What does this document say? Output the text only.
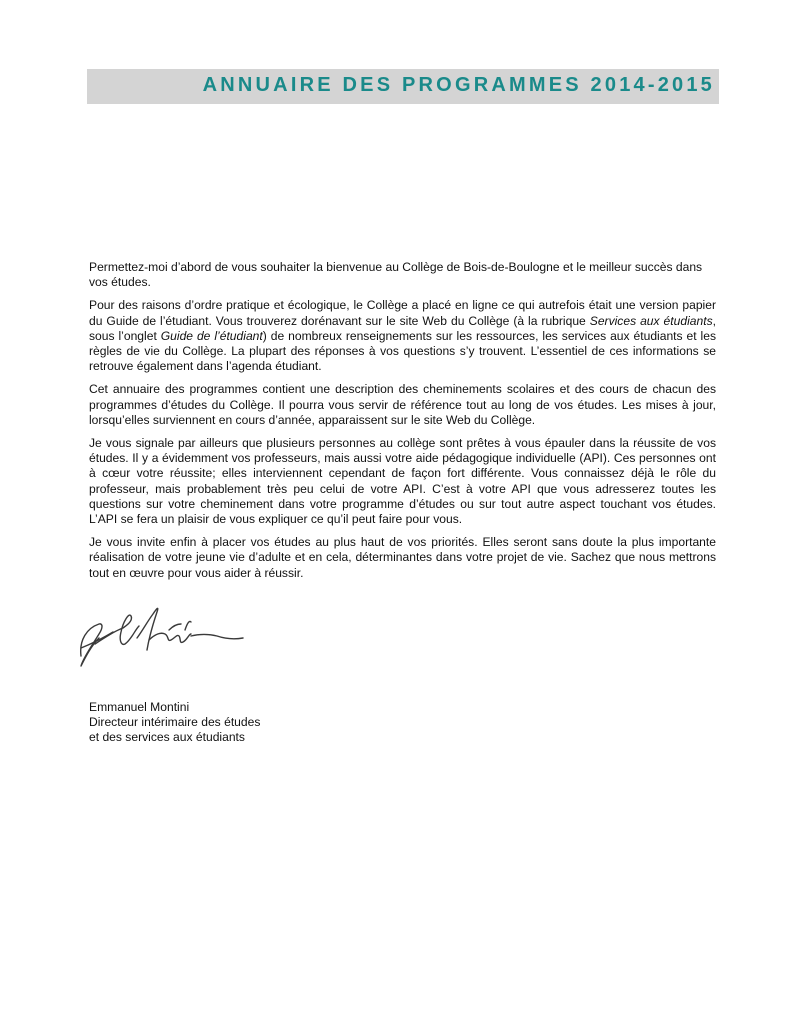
ANNUAIRE DES PROGRAMMES 2014-2015

Permettez-moi d’abord de vous souhaiter la bienvenue au Collège de Bois-de-Boulogne et le meilleur succès dans vos études.

Pour des raisons d’ordre pratique et écologique, le Collège a placé en ligne ce qui autrefois était une version papier du Guide de l’étudiant. Vous trouverez dorénavant sur le site Web du Collège (à la rubrique Services aux étudiants, sous l’onglet Guide de l’étudiant) de nombreux renseignements sur les ressources, les services aux étudiants et les règles de vie du Collège. La plupart des réponses à vos questions s’y trouvent. L’essentiel de ces informations se retrouve également dans l’agenda étudiant.

Cet annuaire des programmes contient une description des cheminements scolaires et des cours de chacun des programmes d’études du Collège. Il pourra vous servir de référence tout au long de vos études. Les mises à jour, lorsqu’elles surviennent en cours d’année, apparaissent sur le site Web du Collège.

Je vous signale par ailleurs que plusieurs personnes au collège sont prêtes à vous épauler dans la réussite de vos études. Il y a évidemment vos professeurs, mais aussi votre aide pédagogique individuelle (API). Ces personnes ont à cœur votre réussite; elles interviennent cependant de façon fort différente. Vous connaissez déjà le rôle du professeur, mais probablement très peu celui de votre API. C’est à votre API que vous adresserez toutes les questions sur votre cheminement dans votre programme d’études ou sur tout autre aspect touchant vos études. L’API se fera un plaisir de vous expliquer ce qu’il peut faire pour vous.

Je vous invite enfin à placer vos études au plus haut de vos priorités. Elles seront sans doute la plus importante réalisation de votre jeune vie d’adulte et en cela, déterminantes dans votre projet de vie. Sachez que nous mettrons tout en œuvre pour vous aider à réussir.

Emmanuel Montini
Directeur intérimaire des études
et des services aux étudiants
